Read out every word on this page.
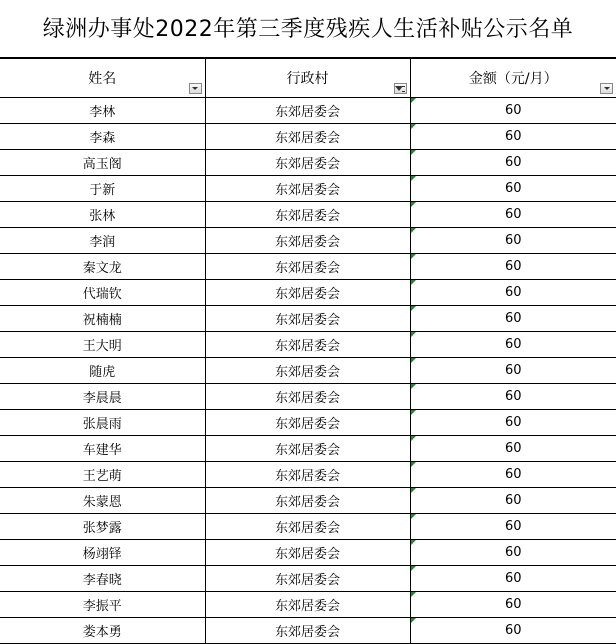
绿洲办事处2022年第三季度残疾人生活补贴公示名单
姓名	行政村	金额（元/月）

李林	东郊居委会	60
李森	东郊居委会	60
高玉阁	东郊居委会	60
于新	东郊居委会	60
张林	东郊居委会	60
李润	东郊居委会	60
秦文龙	东郊居委会	60
代瑞钦	东郊居委会	60
祝楠楠	东郊居委会	60
王大明	东郊居委会	60
随虎	东郊居委会	60
李晨晨	东郊居委会	60
张晨雨	东郊居委会	60
车建华	东郊居委会	60
王艺萌	东郊居委会	60
朱蒙恩	东郊居委会	60
张梦露	东郊居委会	60
杨翊铎	东郊居委会	60
李春晓	东郊居委会	60
李振平	东郊居委会	60
娄本勇	东郊居委会	60
